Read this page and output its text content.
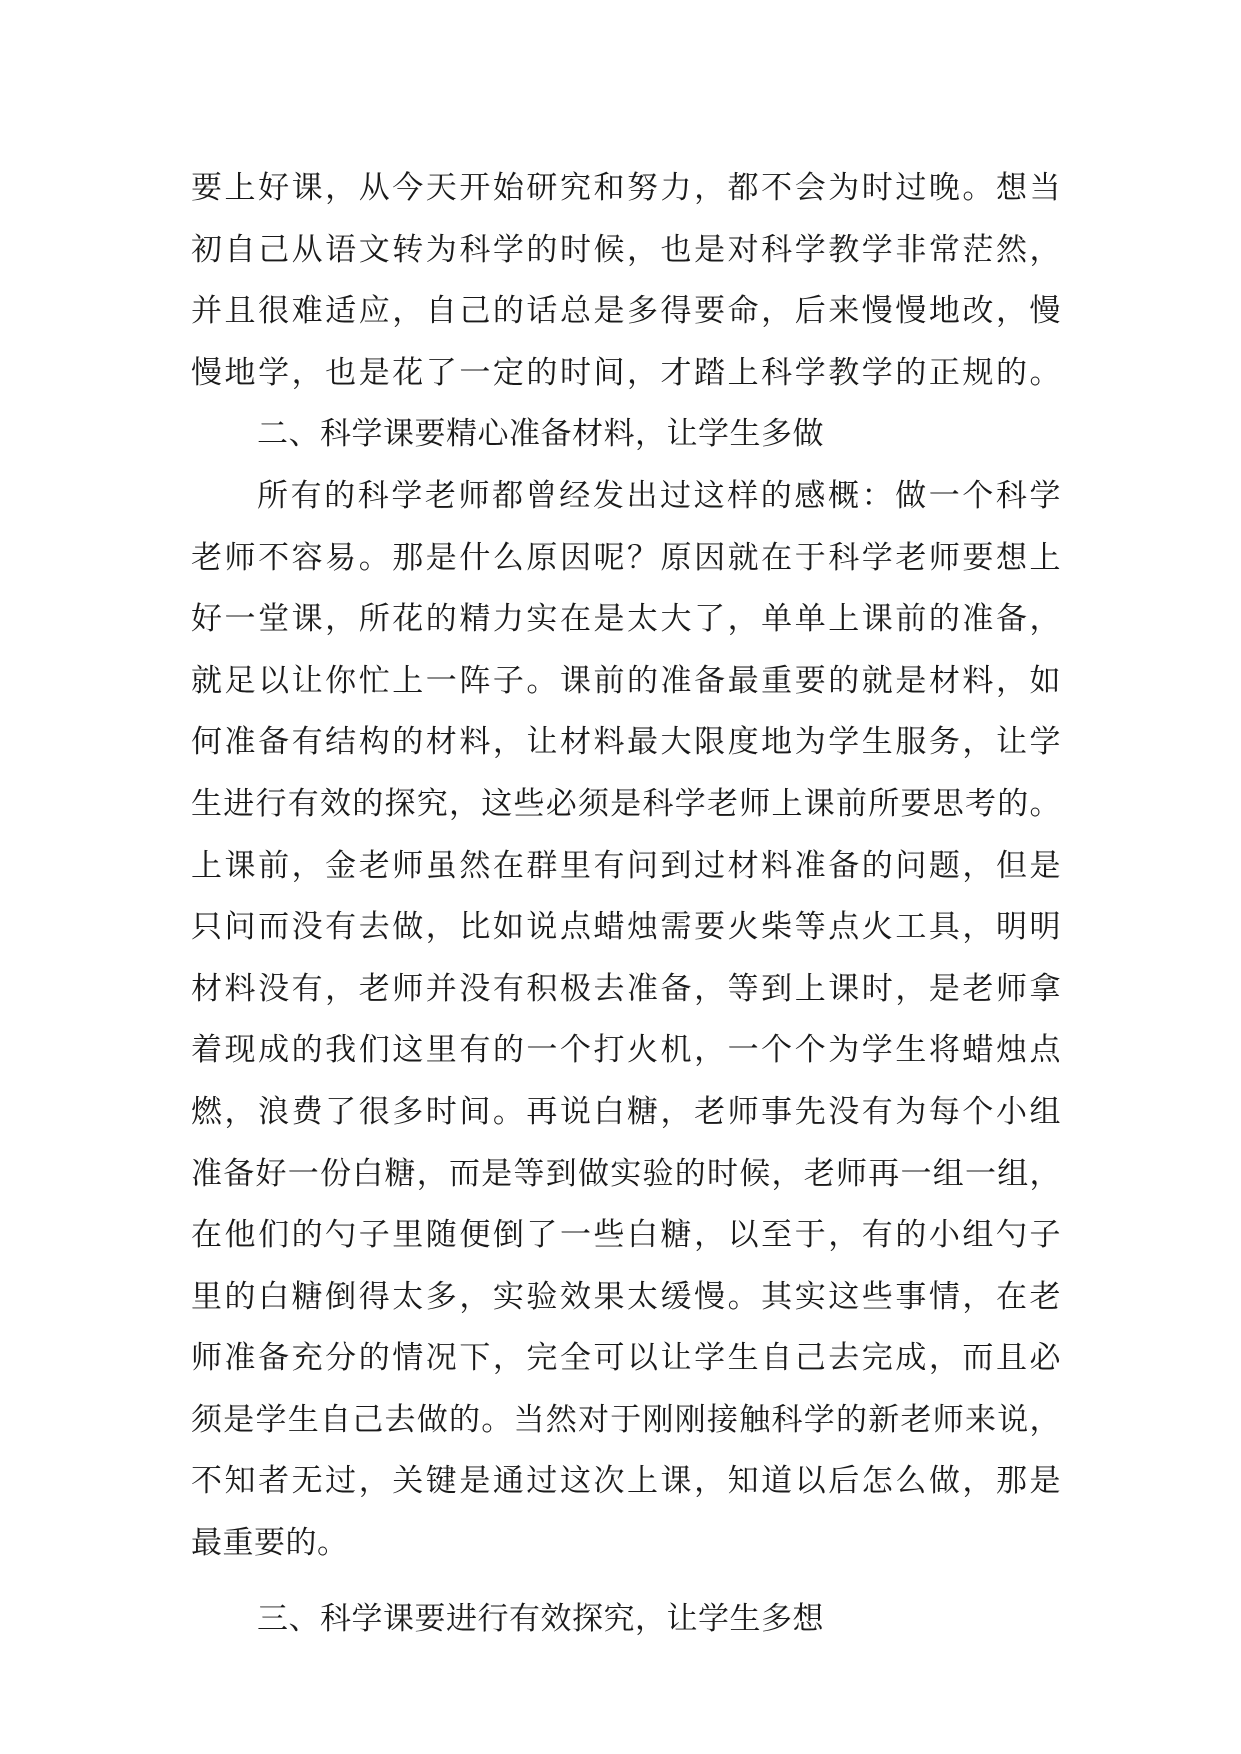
要上好课，从今天开始研究和努力，都不会为时过晚。想当
初自己从语文转为科学的时候，也是对科学教学非常茫然，
并且很难适应，自己的话总是多得要命，后来慢慢地改，慢
慢地学，也是花了一定的时间，才踏上科学教学的正规的。
二、科学课要精心准备材料，让学生多做
所有的科学老师都曾经发出过这样的感概：做一个科学
老师不容易。那是什么原因呢？原因就在于科学老师要想上
好一堂课，所花的精力实在是太大了，单单上课前的准备，
就足以让你忙上一阵子。课前的准备最重要的就是材料，如
何准备有结构的材料，让材料最大限度地为学生服务，让学
生进行有效的探究，这些必须是科学老师上课前所要思考的。
上课前，金老师虽然在群里有问到过材料准备的问题，但是
只问而没有去做，比如说点蜡烛需要火柴等点火工具，明明
材料没有，老师并没有积极去准备，等到上课时，是老师拿
着现成的我们这里有的一个打火机，一个个为学生将蜡烛点
燃，浪费了很多时间。再说白糖，老师事先没有为每个小组
准备好一份白糖，而是等到做实验的时候，老师再一组一组，
在他们的勺子里随便倒了一些白糖，以至于，有的小组勺子
里的白糖倒得太多，实验效果太缓慢。其实这些事情，在老
师准备充分的情况下，完全可以让学生自己去完成，而且必
须是学生自己去做的。当然对于刚刚接触科学的新老师来说，
不知者无过，关键是通过这次上课，知道以后怎么做，那是
最重要的。
三、科学课要进行有效探究，让学生多想
